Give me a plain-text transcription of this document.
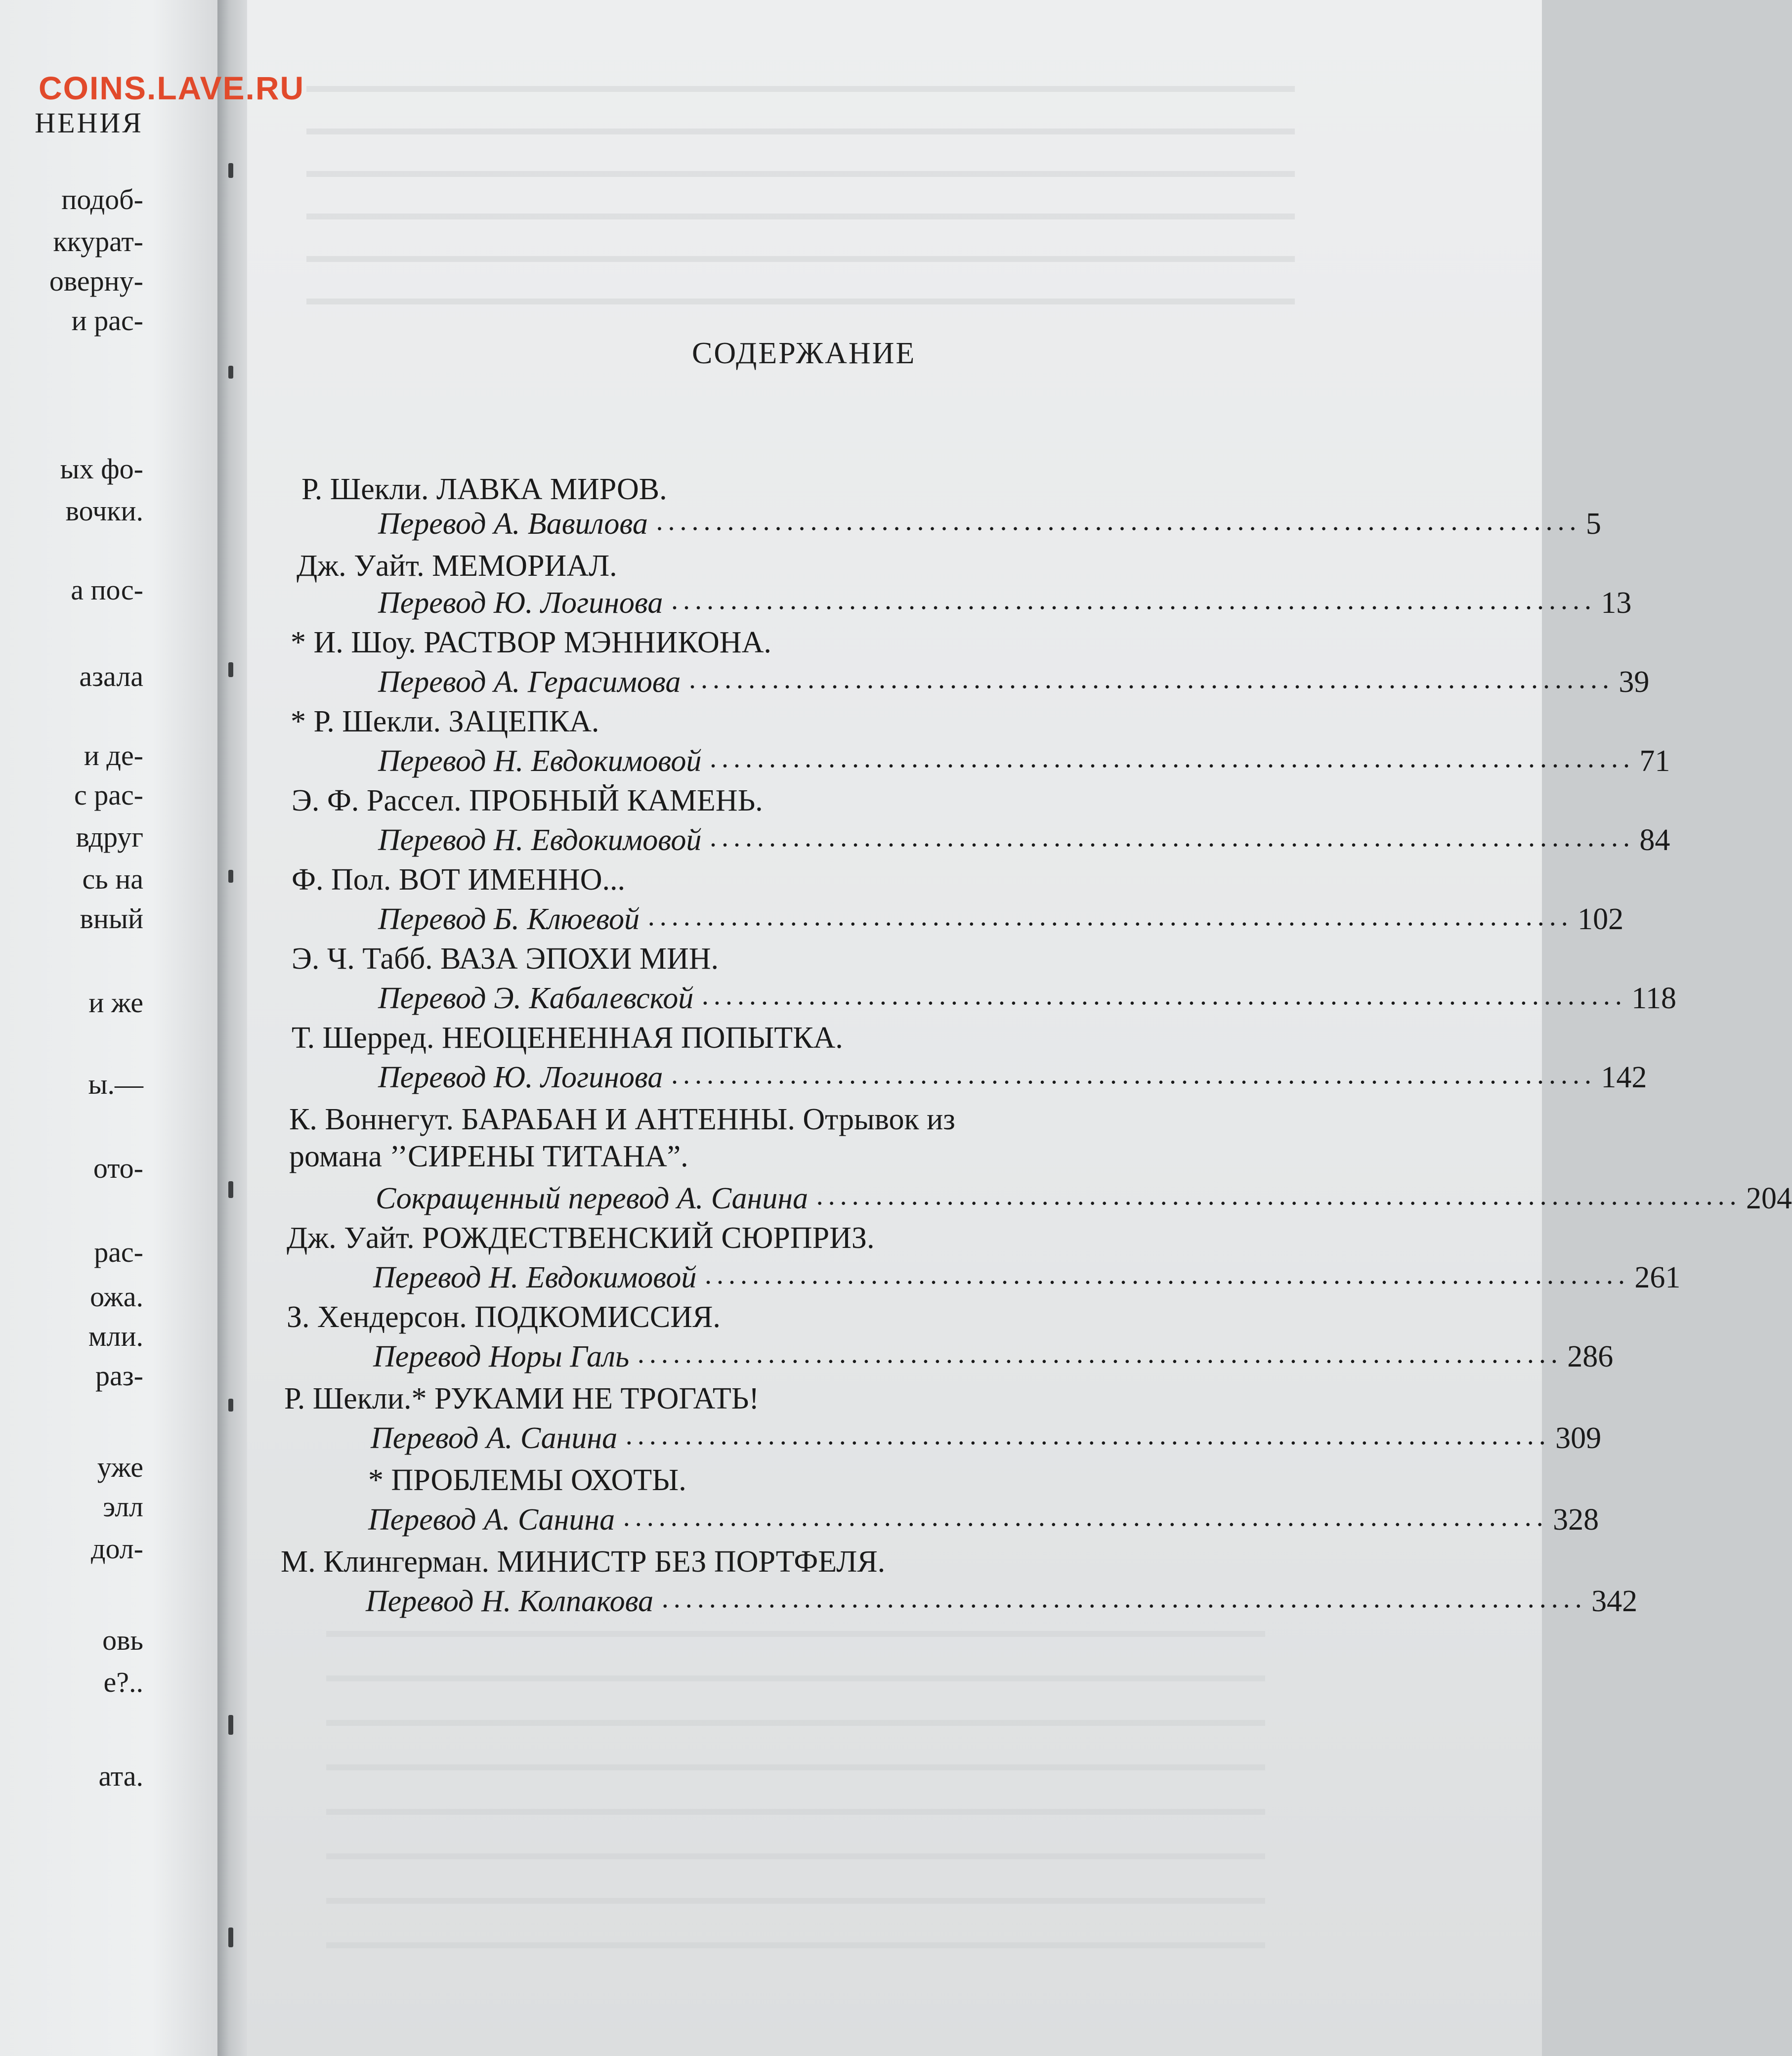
НЕНИЯ
подоб-
ккурат-
оверну-
и рас-
ых фо-
вочки.
а пос-
азала
и де-
с рас-
вдруг
сь на
вный
и же
ы.—
ото-
рас-
ожа.
мли.
раз-
уже
элл
дол-
овь
е?..
ата.
COINS.LAVE.RU
СОДЕРЖАНИЕ
Р. Шекли. ЛАВКА МИРОВ.
Перевод А. Вавилова .............................................................................. 5
Дж. Уайт. МЕМОРИАЛ.
Перевод Ю. Логинова .............................................................................. 13
* И. Шоу. РАСТВОР МЭННИКОНА.
Перевод А. Герасимова .............................................................................. 39
* Р. Шекли. ЗАЦЕПКА.
Перевод Н. Евдокимовой .............................................................................. 71
Э. Ф. Рассел. ПРОБНЫЙ КАМЕНЬ.
Перевод Н. Евдокимовой .............................................................................. 84
Ф. Пол. ВОТ ИМЕННО...
Перевод Б. Клюевой .............................................................................. 102
Э. Ч. Табб. ВАЗА ЭПОХИ МИН.
Перевод Э. Кабалевской .............................................................................. 118
Т. Шерред. НЕОЦЕНЕННАЯ ПОПЫТКА.
Перевод Ю. Логинова .............................................................................. 142
К. Воннегут. БАРАБАН И АНТЕННЫ. Отрывок из
романа ’’СИРЕНЫ ТИТАНА”.
Сокращенный перевод А. Санина .............................................................................. 204
Дж. Уайт. РОЖДЕСТВЕНСКИЙ СЮРПРИЗ.
Перевод Н. Евдокимовой .............................................................................. 261
З. Хендерсон. ПОДКОМИССИЯ.
Перевод Норы Галь .............................................................................. 286
Р. Шекли.* РУКАМИ НЕ ТРОГАТЬ!
Перевод А. Санина .............................................................................. 309
* ПРОБЛЕМЫ ОХОТЫ.
Перевод А. Санина .............................................................................. 328
М. Клингерман. МИНИСТР БЕЗ ПОРТФЕЛЯ.
Перевод Н. Колпакова .............................................................................. 342
